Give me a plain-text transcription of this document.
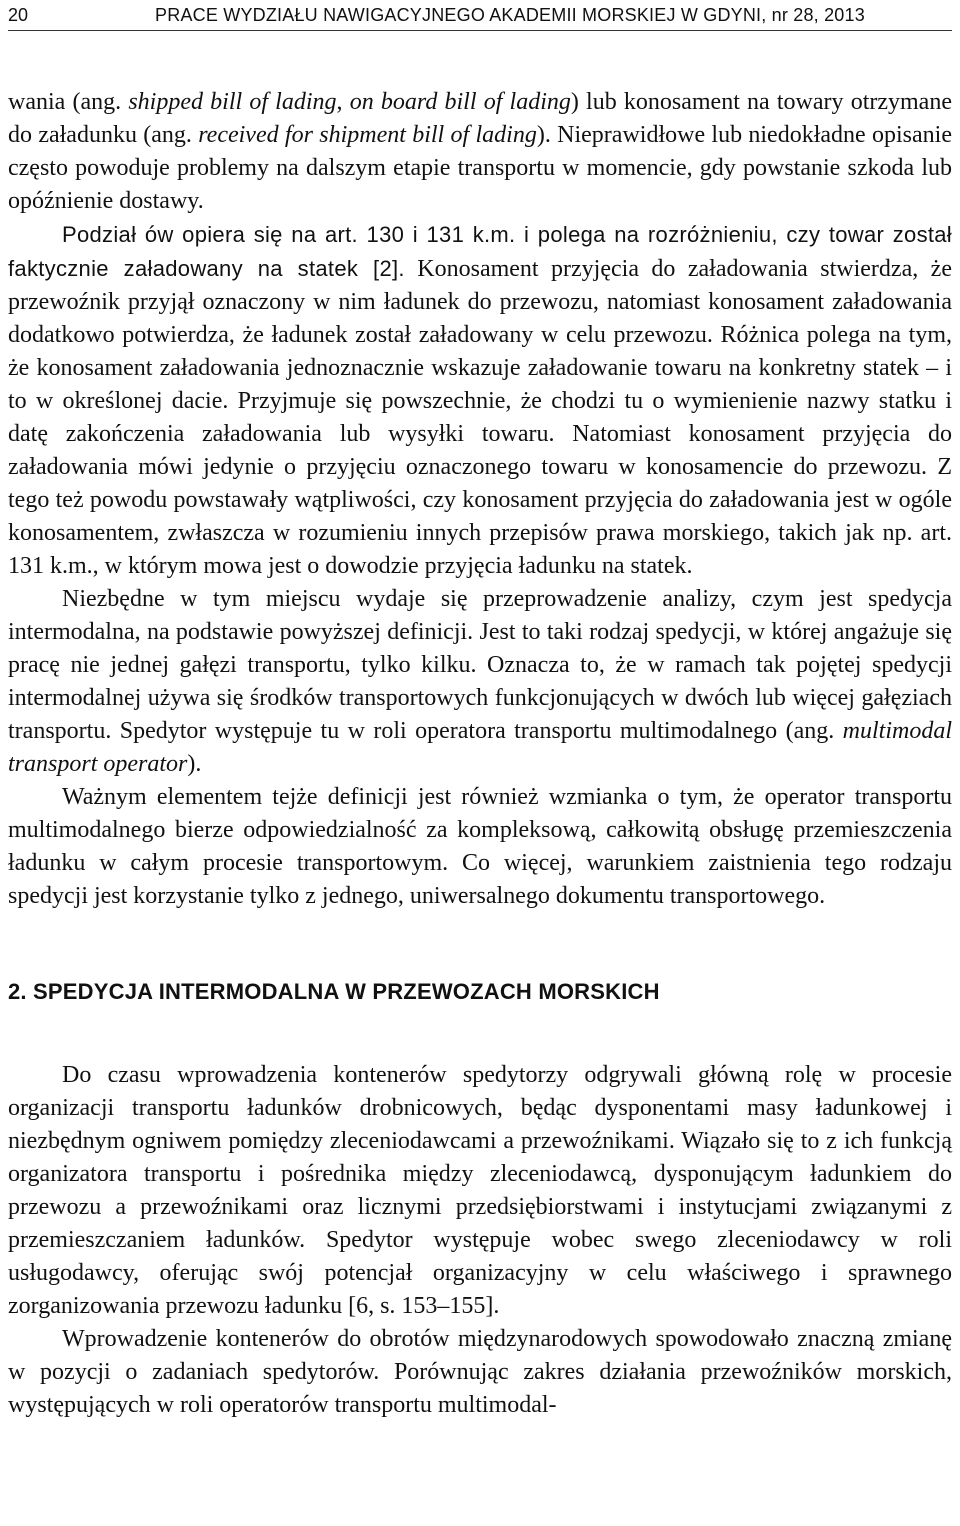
20	PRACE WYDZIAŁU NAWIGACYJNEGO AKADEMII MORSKIEJ W GDYNI, nr 28, 2013

wania (ang. shipped bill of lading, on board bill of lading) lub konosament na towary otrzymane do załadunku (ang. received for shipment bill of lading). Nieprawidłowe lub niedokładne opisanie często powoduje problemy na dalszym etapie transportu w momencie, gdy powstanie szkoda lub opóźnienie dostawy.

Podział ów opiera się na art. 130 i 131 k.m. i polega na rozróżnieniu, czy towar został faktycznie załadowany na statek [2]. Konosament przyjęcia do załadowania stwierdza, że przewoźnik przyjął oznaczony w nim ładunek do przewozu, natomiast konosament załadowania dodatkowo potwierdza, że ładunek został załadowany w celu przewozu. Różnica polega na tym, że konosament załadowania jednoznacznie wskazuje załadowanie towaru na konkretny statek – i to w określonej dacie. Przyjmuje się powszechnie, że chodzi tu o wymienienie nazwy statku i datę zakończenia załadowania lub wysyłki towaru. Natomiast konosament przyjęcia do załadowania mówi jedynie o przyjęciu oznaczonego towaru w konosamencie do przewozu. Z tego też powodu powstawały wątpliwości, czy konosament przyjęcia do załadowania jest w ogóle konosamentem, zwłaszcza w rozumieniu innych przepisów prawa morskiego, takich jak np. art. 131 k.m., w którym mowa jest o dowodzie przyjęcia ładunku na statek.

Niezbędne w tym miejscu wydaje się przeprowadzenie analizy, czym jest spedycja intermodalna, na podstawie powyższej definicji. Jest to taki rodzaj spedycji, w której angażuje się pracę nie jednej gałęzi transportu, tylko kilku. Oznacza to, że w ramach tak pojętej spedycji intermodalnej używa się środków transportowych funkcjonujących w dwóch lub więcej gałęziach transportu. Spedytor występuje tu w roli operatora transportu multimodalnego (ang. multimodal transport operator).

Ważnym elementem tejże definicji jest również wzmianka o tym, że operator transportu multimodalnego bierze odpowiedzialność za kompleksową, całkowitą obsługę przemieszczenia ładunku w całym procesie transportowym. Co więcej, warunkiem zaistnienia tego rodzaju spedycji jest korzystanie tylko z jednego, uniwersalnego dokumentu transportowego.

2. SPEDYCJA INTERMODALNA W PRZEWOZACH MORSKICH

Do czasu wprowadzenia kontenerów spedytorzy odgrywali główną rolę w procesie organizacji transportu ładunków drobnicowych, będąc dysponentami masy ładunkowej i niezbędnym ogniwem pomiędzy zleceniodawcami a przewoźnikami. Wiązało się to z ich funkcją organizatora transportu i pośrednika między zleceniodawcą, dysponującym ładunkiem do przewozu a przewoźnikami oraz licznymi przedsiębiorstwami i instytucjami związanymi z przemieszczaniem ładunków. Spedytor występuje wobec swego zleceniodawcy w roli usługodawcy, oferując swój potencjał organizacyjny w celu właściwego i sprawnego zorganizowania przewozu ładunku [6, s. 153–155].

Wprowadzenie kontenerów do obrotów międzynarodowych spowodowało znaczną zmianę w pozycji o zadaniach spedytorów. Porównując zakres działania przewoźników morskich, występujących w roli operatorów transportu multimodal-
